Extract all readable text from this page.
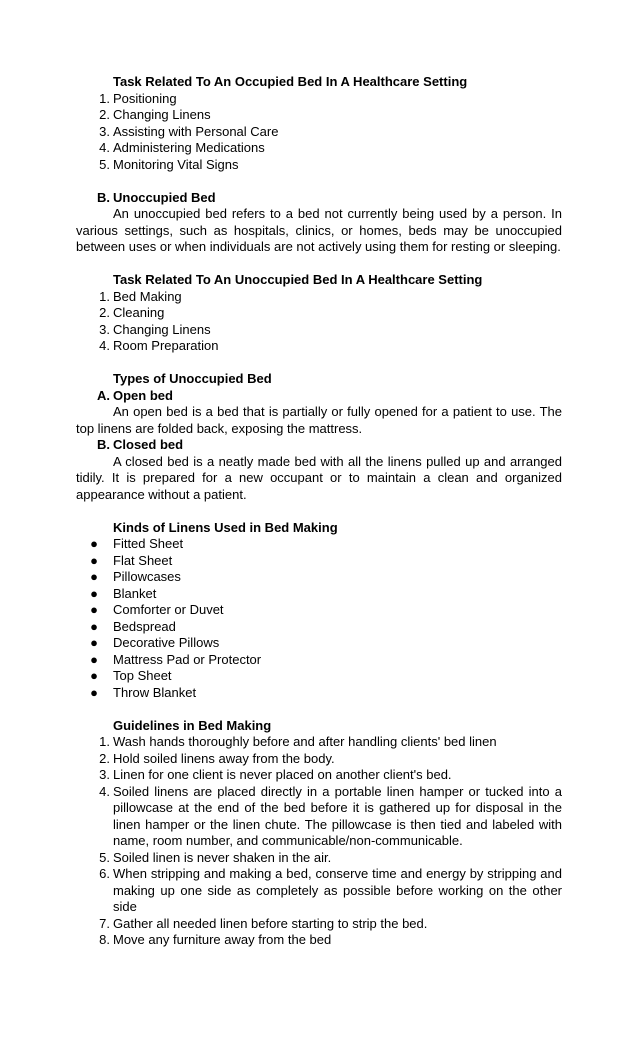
Task Related To An Occupied Bed In A Healthcare Setting
1. Positioning
2. Changing Linens
3. Assisting with Personal Care
4. Administering Medications
5. Monitoring Vital Signs
B. Unoccupied Bed
An unoccupied bed refers to a bed not currently being used by a person. In various settings, such as hospitals, clinics, or homes, beds may be unoccupied between uses or when individuals are not actively using them for resting or sleeping.
Task Related To An Unoccupied Bed In A Healthcare Setting
1. Bed Making
2. Cleaning
3. Changing Linens
4. Room Preparation
Types of Unoccupied Bed
A. Open bed
An open bed is a bed that is partially or fully opened for a patient to use. The top linens are folded back, exposing the mattress.
B. Closed bed
A closed bed is a neatly made bed with all the linens pulled up and arranged tidily. It is prepared for a new occupant or to maintain a clean and organized appearance without a patient.
Kinds of Linens Used in Bed Making
● Fitted Sheet
● Flat Sheet
● Pillowcases
● Blanket
● Comforter or Duvet
● Bedspread
● Decorative Pillows
● Mattress Pad or Protector
● Top Sheet
● Throw Blanket
Guidelines in Bed Making
1. Wash hands thoroughly before and after handling clients' bed linen
2. Hold soiled linens away from the body.
3. Linen for one client is never placed on another client's bed.
4. Soiled linens are placed directly in a portable linen hamper or tucked into a pillowcase at the end of the bed before it is gathered up for disposal in the linen hamper or the linen chute. The pillowcase is then tied and labeled with name, room number, and communicable/non-communicable.
5. Soiled linen is never shaken in the air.
6. When stripping and making a bed, conserve time and energy by stripping and making up one side as completely as possible before working on the other side
7. Gather all needed linen before starting to strip the bed.
8. Move any furniture away from the bed
